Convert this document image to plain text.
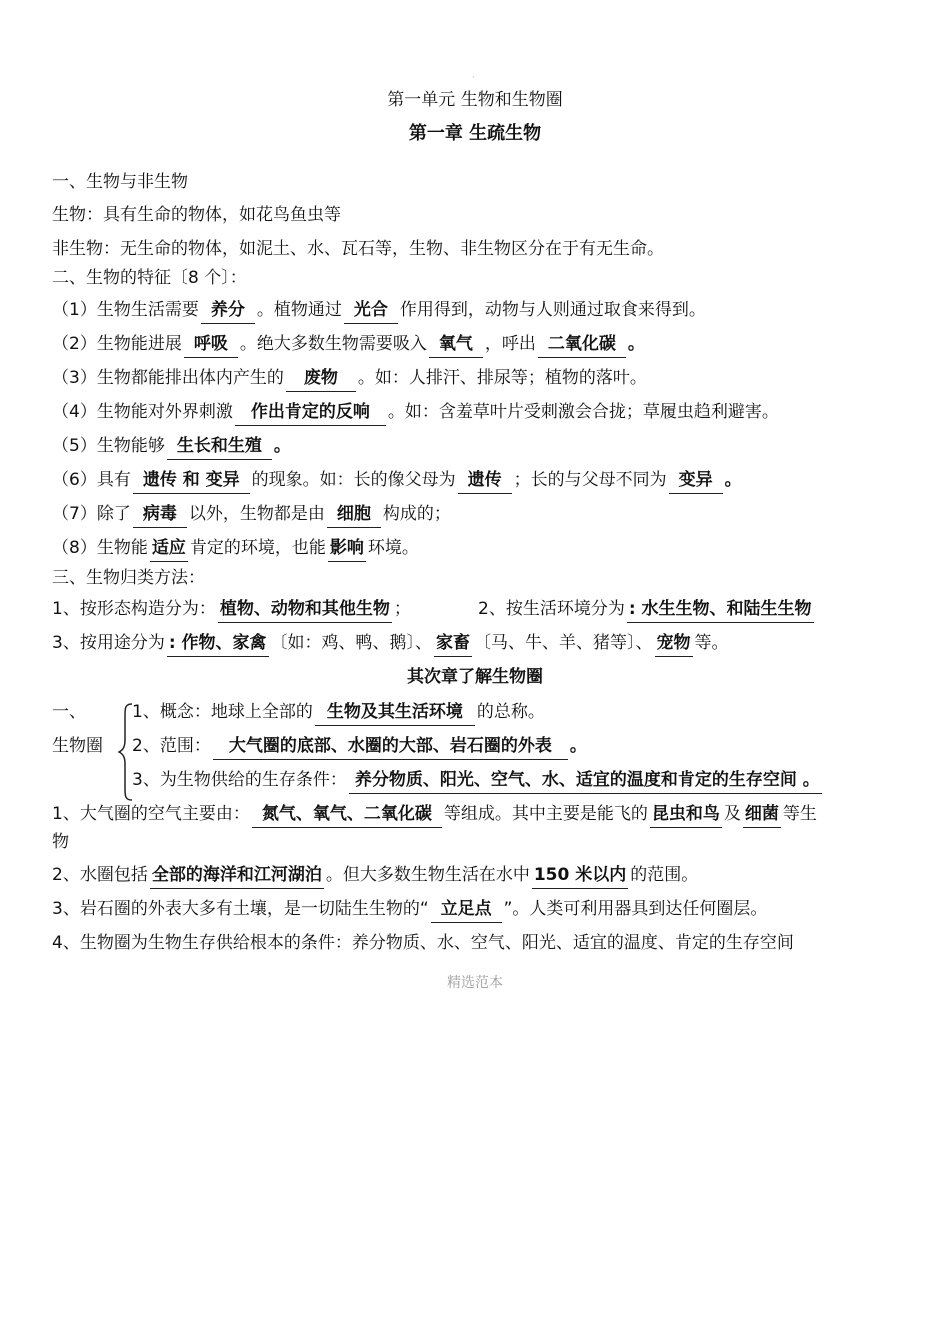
·
第一单元 生物和生物圈
第一章 生疏生物
一、生物与非生物
生物：具有生命的物体，如花鸟鱼虫等
非生物：无生命的物体，如泥土、水、瓦石等，生物、非生物区分在于有无生命。
二、生物的特征〔8 个〕：
（1）生物生活需要 养分 。植物通过 光合 作用得到，动物与人则通过取食来得到。
（2）生物能进展 呼吸 。绝大多数生物需要吸入 氧气 ，呼出 二氧化碳 。
（3）生物都能排出体内产生的 废物 。如：人排汗、排尿等；植物的落叶。
（4）生物能对外界刺激 作出肯定的反响 。如：含羞草叶片受刺激会合拢；草履虫趋利避害。
（5）生物能够 生长和生殖 。
（6）具有 遗传 和 变异 的现象。如：长的像父母为 遗传 ；长的与父母不同为 变异 。
（7）除了 病毒 以外，生物都是由 细胞 构成的；
（8）生物能 适应 肯定的环境，也能 影响 环境。
三、生物归类方法：
1、按形态构造分为： 植物、动物和其他生物 ；	2、按生活环境分为 : 水生生物、和陆生生物
3、按用途分为 : 作物、家禽 〔如：鸡、鸭、鹅〕、 家畜 〔马、牛、羊、猪等〕、 宠物 等。
其次章了解生物圈
一、
生物圈
1、概念：地球上全部的 生物及其生活环境 的总称。
2、范围： 大气圈的底部、水圈的大部、岩石圈的外表 。
3、为生物供给的生存条件： 养分物质、阳光、空气、水、适宜的温度和肯定的生存空间 。
1、大气圈的空气主要由： 氮气、氧气、二氧化碳 等组成。其中主要是能飞的 昆虫和鸟 及 细菌 等生
物
2、水圈包括 全部的海洋和江河湖泊 。但大多数生物生活在水中 150 米以内 的范围。
3、岩石圈的外表大多有土壤，是一切陆生生物的“ 立足点 ”。人类可利用器具到达任何圈层。
4、生物圈为生物生存供给根本的条件：养分物质、水、空气、阳光、适宜的温度、肯定的生存空间
精选范本
